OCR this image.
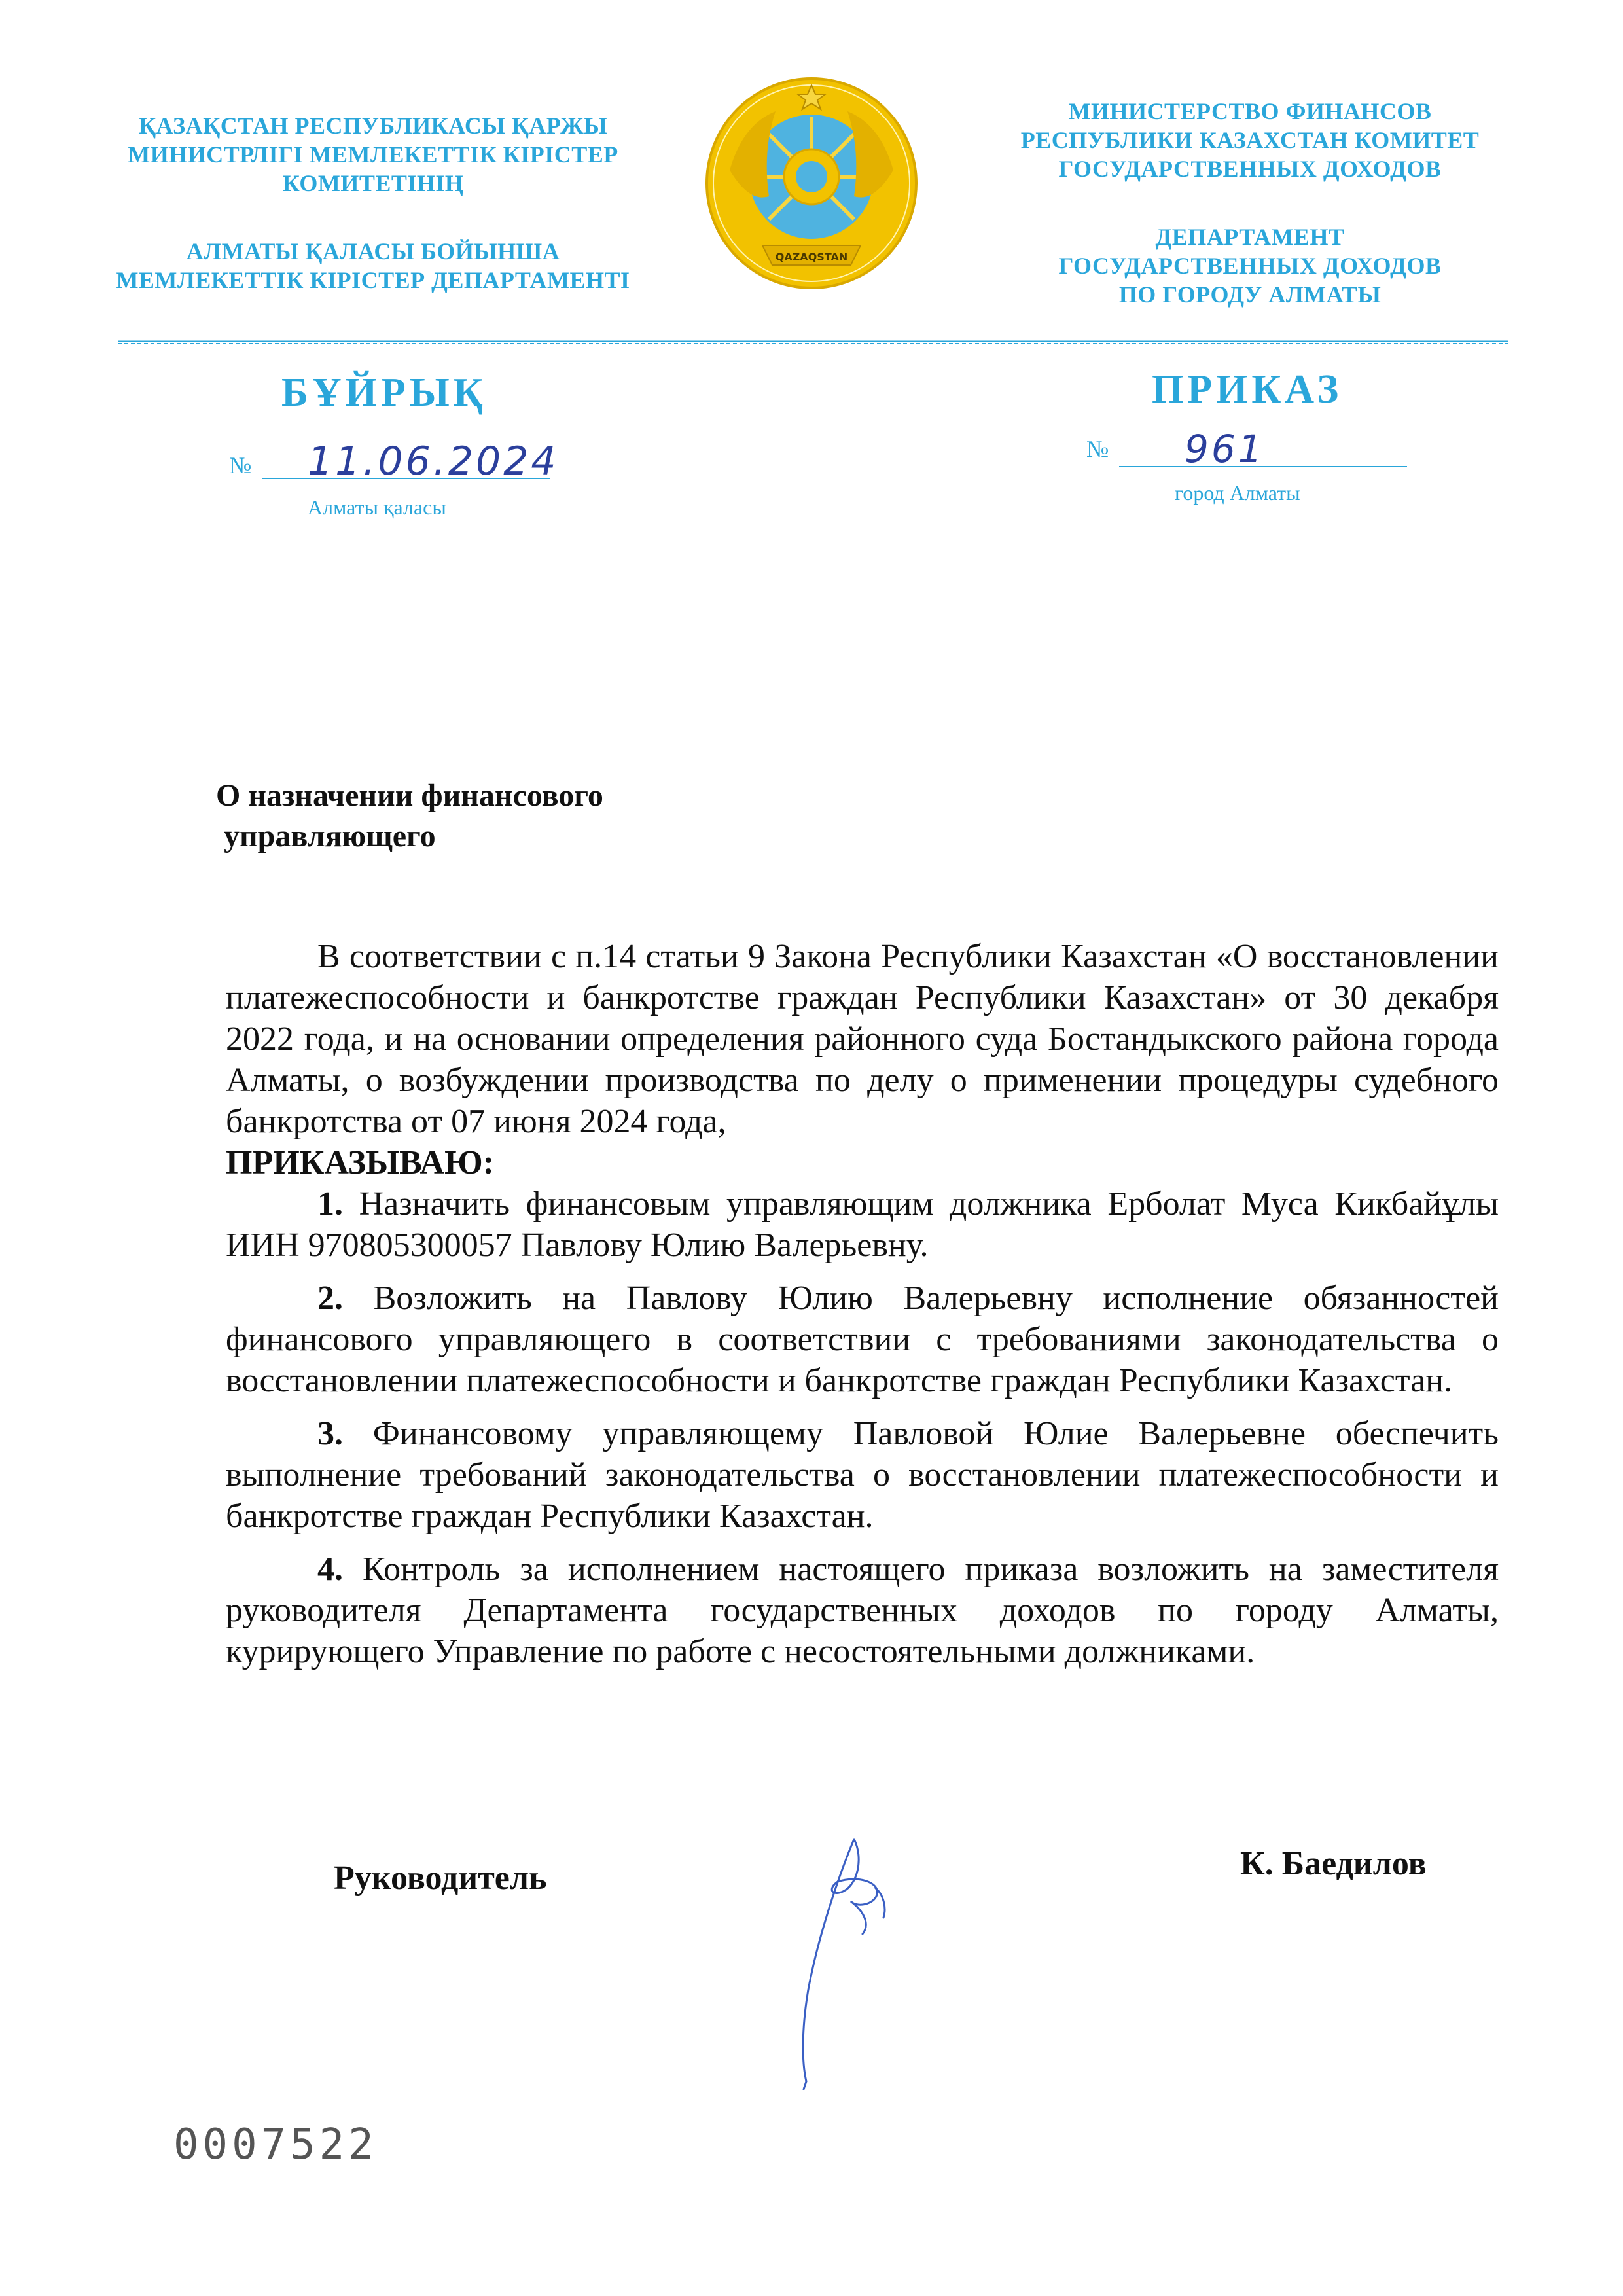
ҚАЗАҚСТАН РЕСПУБЛИКАСЫ ҚАРЖЫ
МИНИСТРЛІГІ МЕМЛЕКЕТТІК КІРІСТЕР
КОМИТЕТІНІҢ
АЛМАТЫ ҚАЛАСЫ БОЙЫНША
МЕМЛЕКЕТТІК КІРІСТЕР ДЕПАРТАМЕНТІ
QAZAQSTAN
МИНИСТЕРСТВО ФИНАНСОВ
РЕСПУБЛИКИ КАЗАХСТАН КОМИТЕТ
ГОСУДАРСТВЕННЫХ ДОХОДОВ
ДЕПАРТАМЕНТ
ГОСУДАРСТВЕННЫХ ДОХОДОВ
ПО ГОРОДУ АЛМАТЫ
БҰЙРЫҚ	ПРИКАЗ
№ 11.06.2024
Алматы қаласы
№ 961
город Алматы
О назначении финансового
управляющего

В соответствии с п.14 статьи 9 Закона Республики Казахстан «О восстановлении платежеспособности и банкротстве граждан Республики Казахстан» от 30 декабря 2022 года, и на основании определения районного суда Бостандыкского района города Алматы, о возбуждении производства по делу о применении процедуры судебного банкротства от 07 июня 2024 года,

ПРИКАЗЫВАЮ:

1. Назначить финансовым управляющим должника Ерболат Муса Кикбайұлы ИИН 970805300057 Павлову Юлию Валерьевну.

2. Возложить на Павлову Юлию Валерьевну исполнение обязанностей финансового управляющего в соответствии с требованиями законодательства о восстановлении платежеспособности и банкротстве граждан Республики Казахстан.

3. Финансовому управляющему Павловой Юлие Валерьевне обеспечить выполнение требований законодательства о восстановлении платежеспособности и банкротстве граждан Республики Казахстан.

4. Контроль за исполнением настоящего приказа возложить на заместителя руководителя Департамента государственных доходов по городу Алматы, курирующего Управление по работе с несостоятельными должниками.

Руководитель	К. Баедилов
0007522
